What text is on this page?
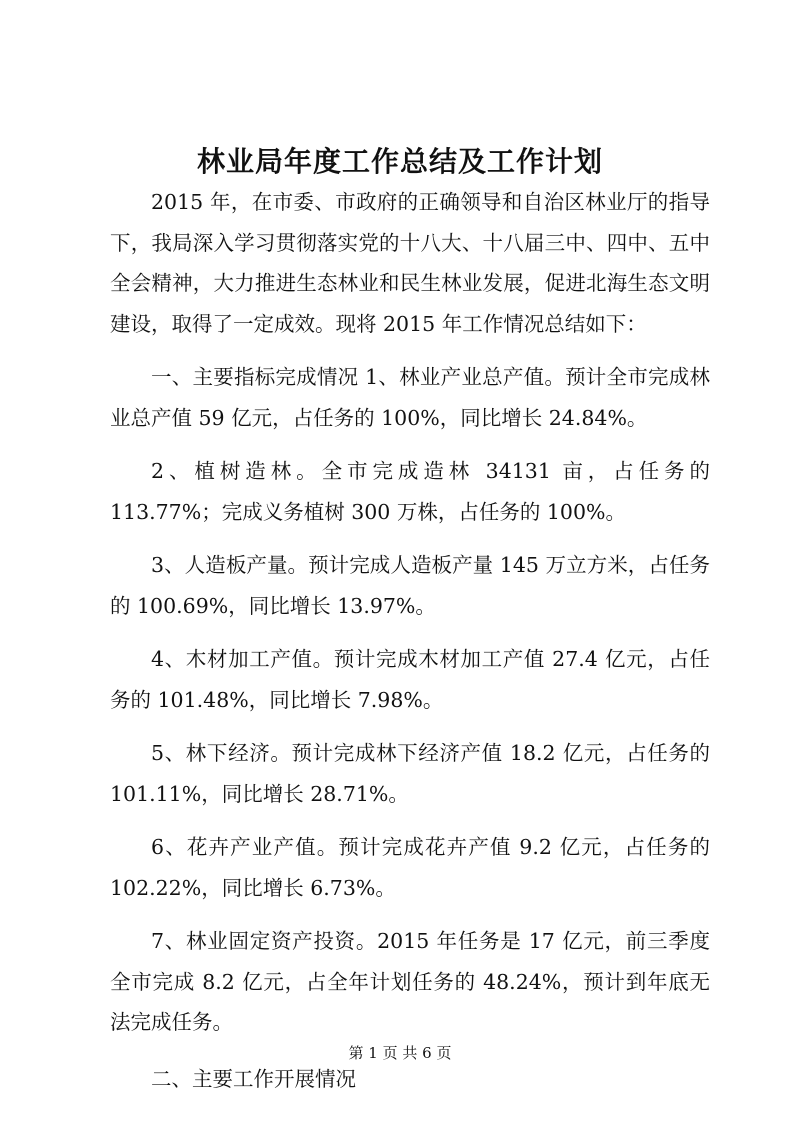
林业局年度工作总结及工作计划

2015 年，在市委、市政府的正确领导和自治区林业厅的指导下，我局深入学习贯彻落实党的十八大、十八届三中、四中、五中全会精神，大力推进生态林业和民生林业发展，促进北海生态文明建设，取得了一定成效。现将 2015 年工作情况总结如下：

一、主要指标完成情况 1、林业产业总产值。预计全市完成林业总产值 59 亿元，占任务的 100%，同比增长 24.84%。

2、植树造林。全市完成造林 34131 亩，占任务的 113.77%；完成义务植树 300 万株，占任务的 100%。

3、人造板产量。预计完成人造板产量 145 万立方米，占任务的 100.69%，同比增长 13.97%。

4、木材加工产值。预计完成木材加工产值 27.4 亿元，占任务的 101.48%，同比增长 7.98%。

5、林下经济。预计完成林下经济产值 18.2 亿元，占任务的 101.11%，同比增长 28.71%。

6、花卉产业产值。预计完成花卉产值 9.2 亿元，占任务的 102.22%，同比增长 6.73%。

7、林业固定资产投资。2015 年任务是 17 亿元，前三季度全市完成 8.2 亿元，占全年计划任务的 48.24%，预计到年底无法完成任务。

二、主要工作开展情况

第 1 页 共 6 页
